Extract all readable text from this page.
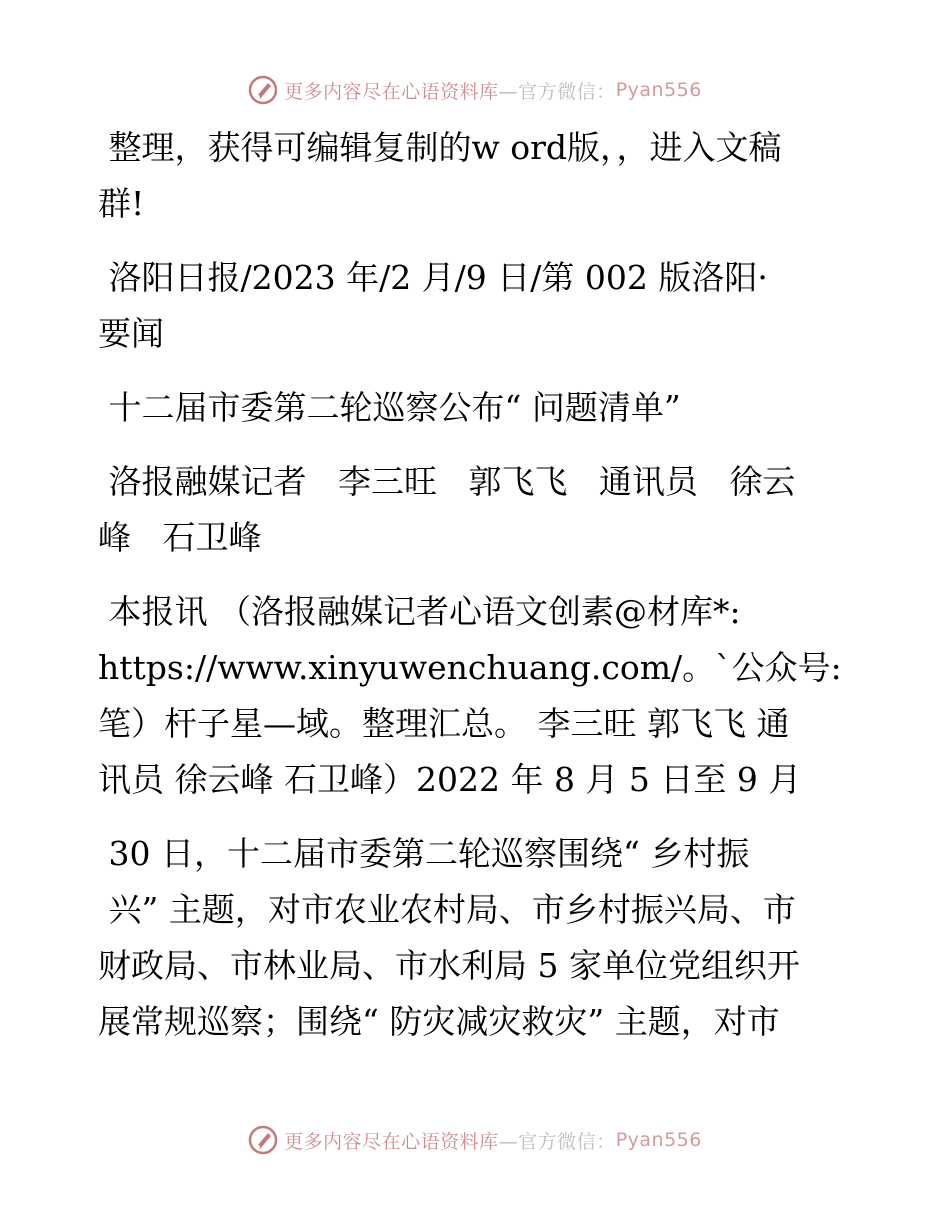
更多内容尽在心语资料库 —官方微信： Pyan556
整理，获得可编辑复制的w ord版，，进入文稿
群!
洛阳日报/2023 年/2 月/9 日/第 002 版洛阳·
要闻
十二届市委第二轮巡察公布“ 问题清单”
洛报融媒记者   李三旺   郭飞飞   通讯员   徐云
峰   石卫峰
本报讯 （洛报融媒记者心语文创素@材库*:
https://www.xinyuwenchuang.com/。`公众号:
笔）杆子星—域。整理汇总。 李三旺 郭飞飞 通
讯员 徐云峰 石卫峰）2022 年 8 月 5 日至 9 月
30 日，十二届市委第二轮巡察围绕“ 乡村振
兴” 主题，对市农业农村局、市乡村振兴局、市
财政局、市林业局、市水利局 5 家单位党组织开
展常规巡察；围绕“ 防灾减灾救灾” 主题，对市
更多内容尽在心语资料库 —官方微信： Pyan556
